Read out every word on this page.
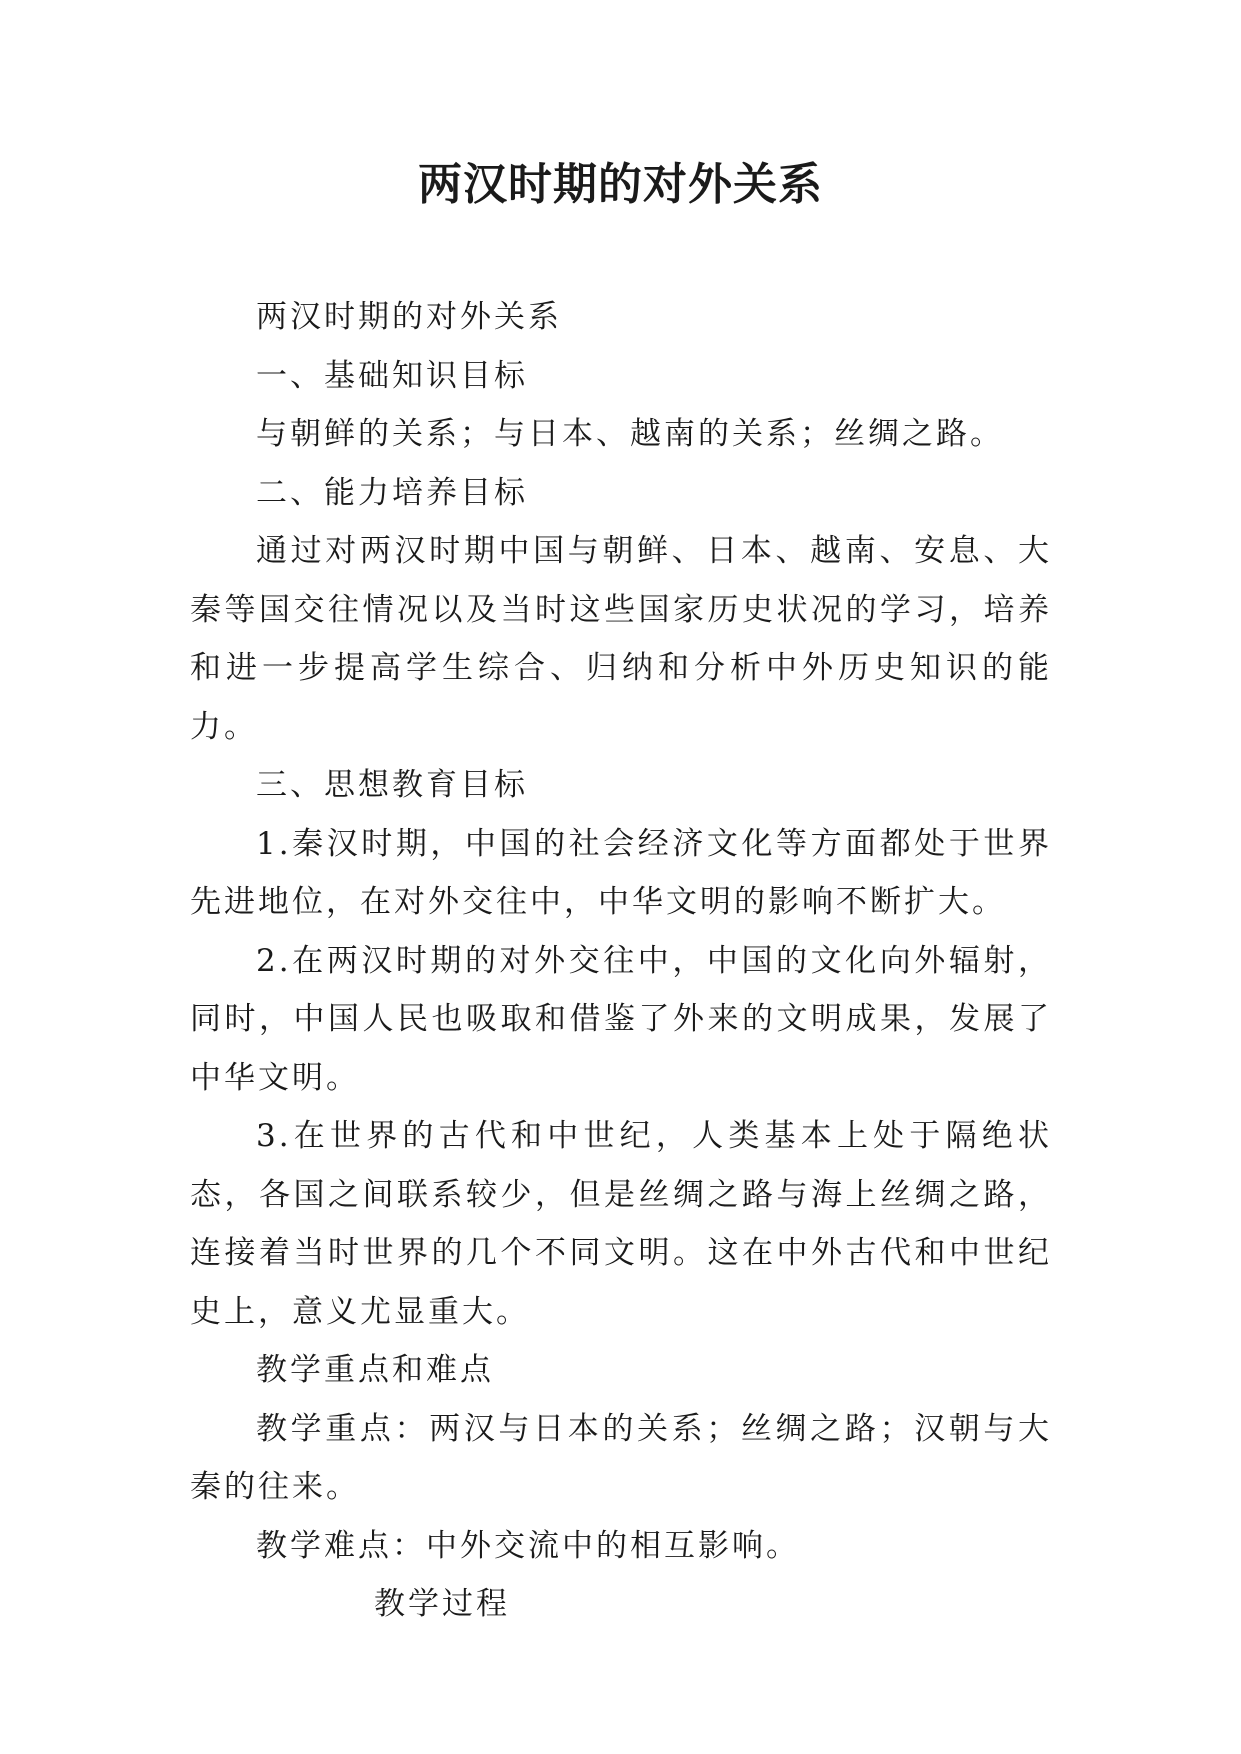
两汉时期的对外关系

两汉时期的对外关系

一、基础知识目标

与朝鲜的关系；与日本、越南的关系；丝绸之路。

二、能力培养目标

通过对两汉时期中国与朝鲜、日本、越南、安息、大秦等国交往情况以及当时这些国家历史状况的学习，培养和进一步提高学生综合、归纳和分析中外历史知识的能力。

三、思想教育目标

1.秦汉时期，中国的社会经济文化等方面都处于世界先进地位，在对外交往中，中华文明的影响不断扩大。

2.在两汉时期的对外交往中，中国的文化向外辐射，同时，中国人民也吸取和借鉴了外来的文明成果，发展了中华文明。

3.在世界的古代和中世纪，人类基本上处于隔绝状态，各国之间联系较少，但是丝绸之路与海上丝绸之路，连接着当时世界的几个不同文明。这在中外古代和中世纪史上，意义尤显重大。

教学重点和难点

教学重点：两汉与日本的关系；丝绸之路；汉朝与大秦的往来。

教学难点：中外交流中的相互影响。

教学过程
